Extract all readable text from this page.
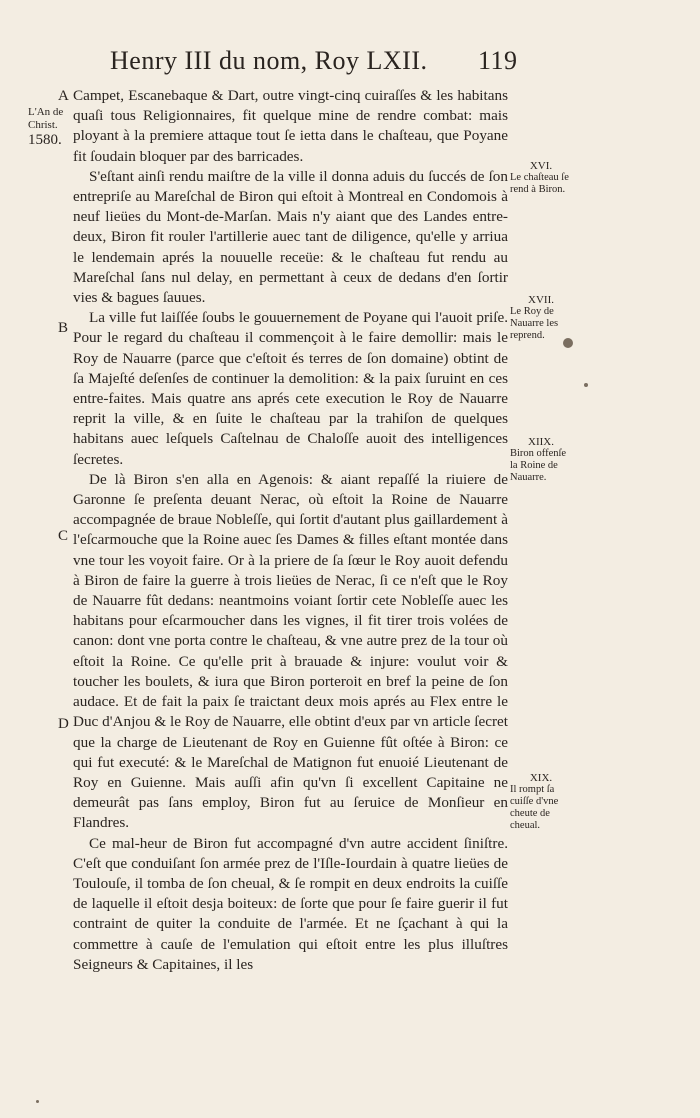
Henry III du nom, Roy LXII. 119
L'An de
Christ.
1580.
A
B
C
D

Campet, Escanebaque & Dart, outre vingt-cinq cuiraſſes & les habitans quaſi tous Religionnaires, fit quelque mine de rendre combat: mais ployant à la premiere attaque tout ſe ietta dans le chaſteau, que Poyane fit ſoudain bloquer par des barricades.

S'eſtant ainſi rendu maiſtre de la ville il donna aduis du ſuccés de ſon entrepriſe au Mareſchal de Biron qui eſtoit à Montreal en Condomois à neuf lieües du Mont-de-Marſan. Mais n'y aiant que des Landes entre-deux, Biron fit rouler l'artillerie auec tant de diligence, qu'elle y arriua le lendemain aprés la nouuelle receüe: & le chaſteau fut rendu au Mareſchal ſans nul delay, en permettant à ceux de dedans d'en ſortir vies & bagues ſauues.

La ville fut laiſſée ſoubs le gouuernement de Poyane qui l'auoit priſe. Pour le regard du chaſteau il commençoit à le faire demollir: mais le Roy de Nauarre (parce que c'eſtoit és terres de ſon domaine) obtint de ſa Majeſté deſenſes de continuer la demolition: & la paix ſuruint en ces entre-faites. Mais quatre ans aprés cete execution le Roy de Nauarre reprit la ville, & en ſuite le chaſteau par la trahiſon de quelques habitans auec leſquels Caſtelnau de Chaloſſe auoit des intelligences ſecretes.

De là Biron s'en alla en Agenois: & aiant repaſſé la riuiere de Garonne ſe preſenta deuant Nerac, où eſtoit la Roine de Nauarre accompagnée de braue Nobleſſe, qui ſortit d'autant plus gaillardement à l'eſcarmouche que la Roine auec ſes Dames & filles eſtant montée dans vne tour les voyoit faire. Or à la priere de ſa ſœur le Roy auoit defendu à Biron de faire la guerre à trois lieües de Nerac, ſi ce n'eſt que le Roy de Nauarre fût dedans: neantmoins voiant ſortir cete Nobleſſe auec les habitans pour eſcarmoucher dans les vignes, il fit tirer trois volées de canon: dont vne porta contre le chaſteau, & vne autre prez de la tour où eſtoit la Roine. Ce qu'elle prit à brauade & injure: voulut voir & toucher les boulets, & iura que Biron porteroit en bref la peine de ſon audace. Et de fait la paix ſe traictant deux mois aprés au Flex entre le Duc d'Anjou & le Roy de Nauarre, elle obtint d'eux par vn article ſecret que la charge de Lieutenant de Roy en Guienne fût oſtée à Biron: ce qui fut executé: & le Mareſchal de Matignon fut enuoié Lieutenant de Roy en Guienne. Mais auſſi afin qu'vn ſi excellent Capitaine ne demeurât pas ſans employ, Biron fut au ſeruice de Monſieur en Flandres.

Ce mal-heur de Biron fut accompagné d'vn autre accident ſiniſtre. C'eſt que conduiſant ſon armée prez de l'Iſle-Iourdain à quatre lieües de Toulouſe, il tomba de ſon cheual, & ſe rompit en deux endroits la cuiſſe de laquelle il eſtoit desja boiteux: de ſorte que pour ſe faire guerir il fut contraint de quiter la conduite de l'armée. Et ne ſçachant à qui la commettre à cauſe de l'emulation qui eſtoit entre les plus illuſtres Seigneurs & Capitaines, il les

XVI.
Le chaſteau ſe rend à Biron.
XVII.
Le Roy de Nauarre les reprend.
XIIX.
Biron offenſe la Roine de Nauarre.
XIX.
Il rompt ſa cuiſſe d'vne cheute de cheual.
